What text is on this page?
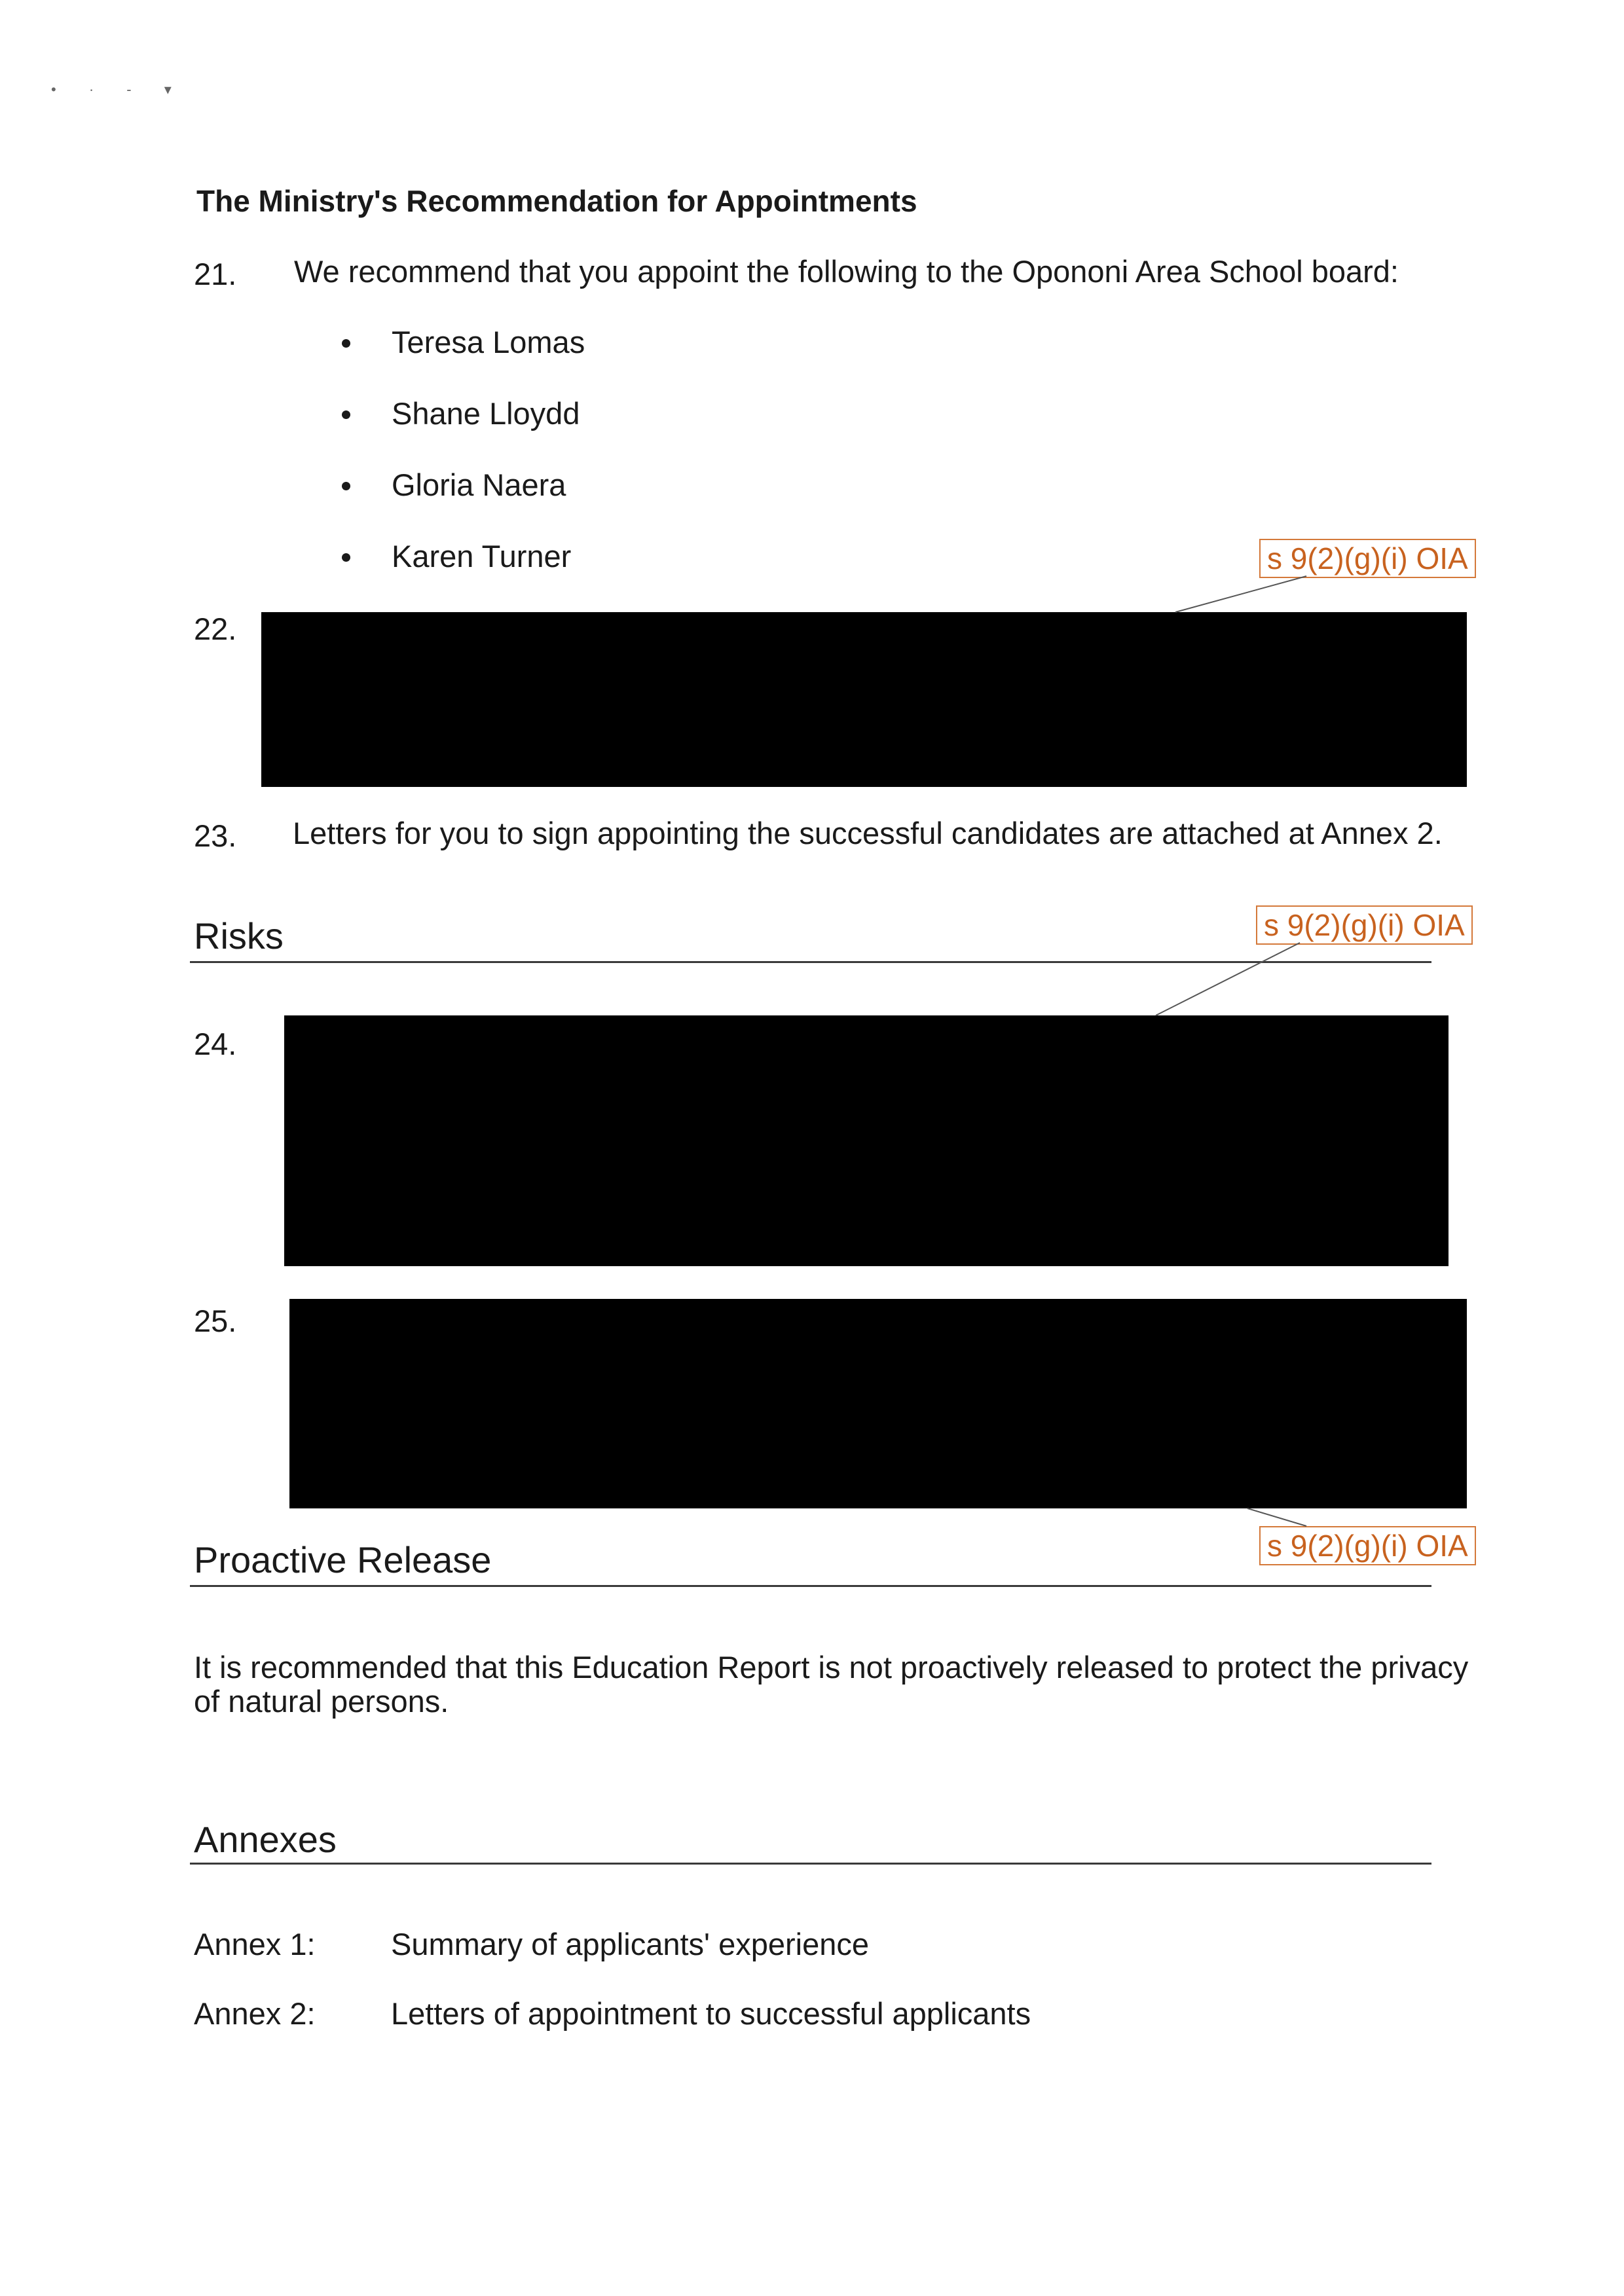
• · - ▾
The Ministry's Recommendation for Appointments
21. We recommend that you appoint the following to the Opononi Area School board:
Teresa Lomas
Shane Lloydd
Gloria Naera
Karen Turner	s 9(2)(g)(i) OIA
22.
23. Letters for you to sign appointing the successful candidates are attached at Annex 2.
Risks	s 9(2)(g)(i) OIA
24.
25.
s 9(2)(g)(i) OIA
Proactive Release
It is recommended that this Education Report is not proactively released to protect the privacy
of natural persons.
Annexes
Annex 1: Summary of applicants' experience
Annex 2: Letters of appointment to successful applicants
